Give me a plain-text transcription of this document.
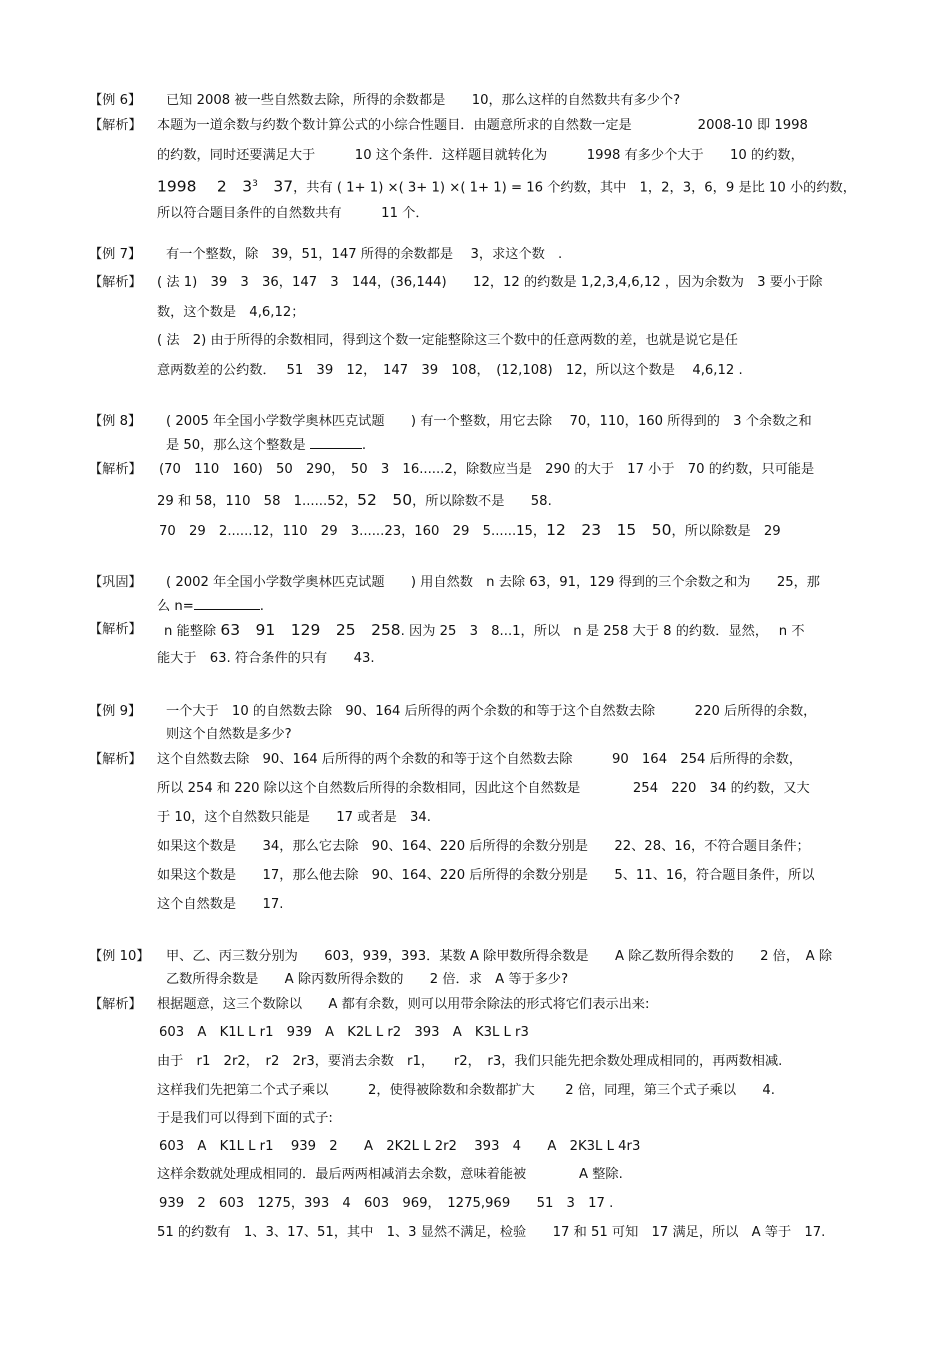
【例 6】 已知 2008 被一些自然数去除，所得的余数都是　　10，那么这样的自然数共有多少个?
【解析】 本题为一道余数与约数个数计算公式的小综合性题目．由题意所求的自然数一定是　　　　　2008-10 即 1998
的约数，同时还要满足大于　　　10 这个条件．这样题目就转化为　　　1998 有多少个大于　　10 的约数，
1998　 2　$3^3$　37，共有 ( 1+ 1) ×( 3+ 1) ×( 1+ 1) = 16 个约数，其中　1，2，3，6，9 是比 10 小的约数，
所以符合题目条件的自然数共有　　　11 个．
【例 7】 有一个整数，除　39，51，147 所得的余数都是　 3，求这个数　.
【解析】 ( 法 1)　39　3　36，147　3　144，(36,144)　　12，12 的约数是 1,2,3,4,6,12 ，因为余数为　3 要小于除
数，这个数是　4,6,12；
( 法　2) 由于所得的余数相同，得到这个数一定能整除这三个数中的任意两数的差，也就是说它是任
意两数差的公约数．　 51　39　12，　147　39　108，　(12,108)　12，所以这个数是　 4,6,12 .
【例 8】 ( 2005 年全国小学数学奥林匹克试题　　) 有一个整数，用它去除　 70，110，160 所得到的　3 个余数之和
是 50，那么这个整数是	.
【解析】 (70　110　160)　50　290，　50　3　16......2，除数应当是　290 的大于　17 小于　70 的约数，只可能是
29 和 58，110　58　1......52，52　50，所以除数不是　　58.
70　29　2......12，110　29　3......23，160　29　5......15，12　23　15　50，所以除数是　29
【巩固】 ( 2002 年全国小学数学奥林匹克试题　　) 用自然数　n 去除 63，91，129 得到的三个余数之和为　　25，那
么 n=	.
【解析】 n 能整除 63　91　129　25　258. 因为 25　3　8...1，所以　n 是 258 大于 8 的约数．显然，　 n 不
能大于　63. 符合条件的只有　　43.
【例 9】 一个大于　10 的自然数去除　90、164 后所得的两个余数的和等于这个自然数去除　　　220 后所得的余数，
则这个自然数是多少?
【解析】 这个自然数去除　90、164 后所得的两个余数的和等于这个自然数去除　　　90　164　254 后所得的余数，
所以 254 和 220 除以这个自然数后所得的余数相同，因此这个自然数是　　　　254　220　34 的约数，又大
于 10，这个自然数只能是　　17 或者是　34.
如果这个数是　　34，那么它去除　90、164、220 后所得的余数分别是　　22、28、16，不符合题目条件；
如果这个数是　　17，那么他去除　90、164、220 后所得的余数分别是　　5、11、16，符合题目条件，所以
这个自然数是　　17.
【例 10】 甲、乙、丙三数分别为　　603，939，393．某数 A 除甲数所得余数是　　A 除乙数所得余数的　　2 倍，　A 除
乙数所得余数是　　A 除丙数所得余数的　　2 倍．求　A 等于多少?
【解析】 根据题意，这三个数除以　　A 都有余数，则可以用带余除法的形式将它们表示出来:
603　A　K1L L r1　939　A　K2L L r2　393　A　K3L L r3
由于　r1　2r2，　r2　2r3，要消去余数　r1，　　r2，　r3，我们只能先把余数处理成相同的，再两数相减.
这样我们先把第二个式子乘以　　　2，使得被除数和余数都扩大　　 2 倍，同理，第三个式子乘以　　4.
于是我们可以得到下面的式子:
603　A　K1L L r1　 939　2　　A　2K2L L 2r2　 393　4　　A　2K3L L 4r3
这样余数就处理成相同的．最后两两相减消去余数，意味着能被　　　　A 整除.
939　2　603　1275，393　4　603　969，　1275,969　　51　3　17 .
51 的约数有　1、3、17、51，其中　1、3 显然不满足，检验　　17 和 51 可知　17 满足，所以　A 等于　17.
